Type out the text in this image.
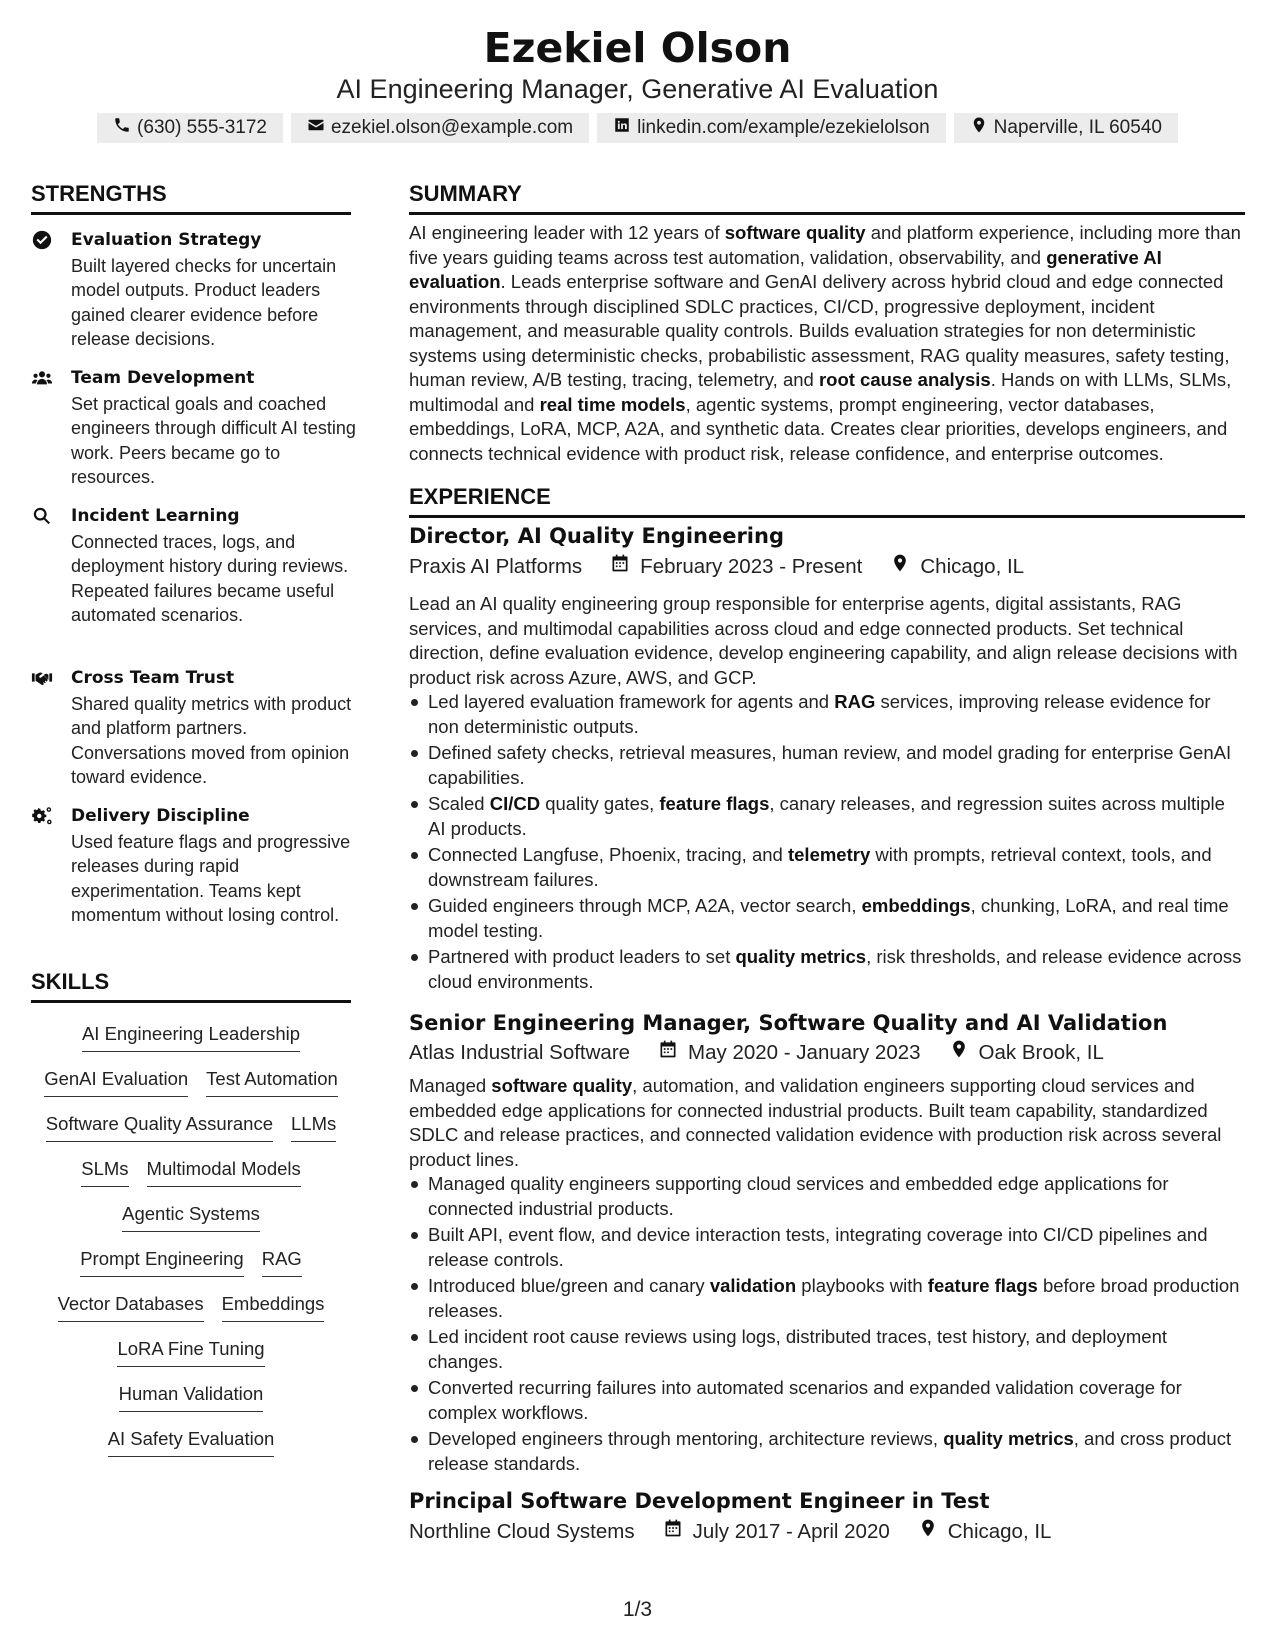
Ezekiel Olson
AI Engineering Manager, Generative AI Evaluation
(630) 555-3172	ezekiel.olson@example.com	linkedin.com/example/ezekielolson	Naperville, IL 60540
STRENGTHS
Evaluation Strategy
Built layered checks for uncertain model outputs. Product leaders gained clearer evidence before release decisions.
Team Development
Set practical goals and coached engineers through difficult AI testing work. Peers became go to resources.
Incident Learning
Connected traces, logs, and deployment history during reviews. Repeated failures became useful automated scenarios.
Cross Team Trust
Shared quality metrics with product and platform partners. Conversations moved from opinion toward evidence.
Delivery Discipline
Used feature flags and progressive releases during rapid experimentation. Teams kept momentum without losing control.
SKILLS
AI Engineering Leadership
GenAI Evaluation Test Automation
Software Quality Assurance LLMs
SLMs Multimodal Models
Agentic Systems
Prompt Engineering RAG
Vector Databases Embeddings
LoRA Fine Tuning
Human Validation
AI Safety Evaluation
SUMMARY
AI engineering leader with 12 years of software quality and platform experience, including more than five years guiding teams across test automation, validation, observability, and generative AI evaluation. Leads enterprise software and GenAI delivery across hybrid cloud and edge connected environments through disciplined SDLC practices, CI/CD, progressive deployment, incident management, and measurable quality controls. Builds evaluation strategies for non deterministic systems using deterministic checks, probabilistic assessment, RAG quality measures, safety testing, human review, A/B testing, tracing, telemetry, and root cause analysis. Hands on with LLMs, SLMs, multimodal and real time models, agentic systems, prompt engineering, vector databases, embeddings, LoRA, MCP, A2A, and synthetic data. Creates clear priorities, develops engineers, and connects technical evidence with product risk, release confidence, and enterprise outcomes.
EXPERIENCE
Director, AI Quality Engineering
Praxis AI Platforms	February 2023 - Present	Chicago, IL
Lead an AI quality engineering group responsible for enterprise agents, digital assistants, RAG services, and multimodal capabilities across cloud and edge connected products. Set technical direction, define evaluation evidence, develop engineering capability, and align release decisions with product risk across Azure, AWS, and GCP.
Led layered evaluation framework for agents and RAG services, improving release evidence for non deterministic outputs.
Defined safety checks, retrieval measures, human review, and model grading for enterprise GenAI capabilities.
Scaled CI/CD quality gates, feature flags, canary releases, and regression suites across multiple AI products.
Connected Langfuse, Phoenix, tracing, and telemetry with prompts, retrieval context, tools, and downstream failures.
Guided engineers through MCP, A2A, vector search, embeddings, chunking, LoRA, and real time model testing.
Partnered with product leaders to set quality metrics, risk thresholds, and release evidence across cloud environments.
Senior Engineering Manager, Software Quality and AI Validation
Atlas Industrial Software	May 2020 - January 2023	Oak Brook, IL
Managed software quality, automation, and validation engineers supporting cloud services and embedded edge applications for connected industrial products. Built team capability, standardized SDLC and release practices, and connected validation evidence with production risk across several product lines.
Managed quality engineers supporting cloud services and embedded edge applications for connected industrial products.
Built API, event flow, and device interaction tests, integrating coverage into CI/CD pipelines and release controls.
Introduced blue/green and canary validation playbooks with feature flags before broad production releases.
Led incident root cause reviews using logs, distributed traces, test history, and deployment changes.
Converted recurring failures into automated scenarios and expanded validation coverage for complex workflows.
Developed engineers through mentoring, architecture reviews, quality metrics, and cross product release standards.
Principal Software Development Engineer in Test
Northline Cloud Systems	July 2017 - April 2020	Chicago, IL
1/3
